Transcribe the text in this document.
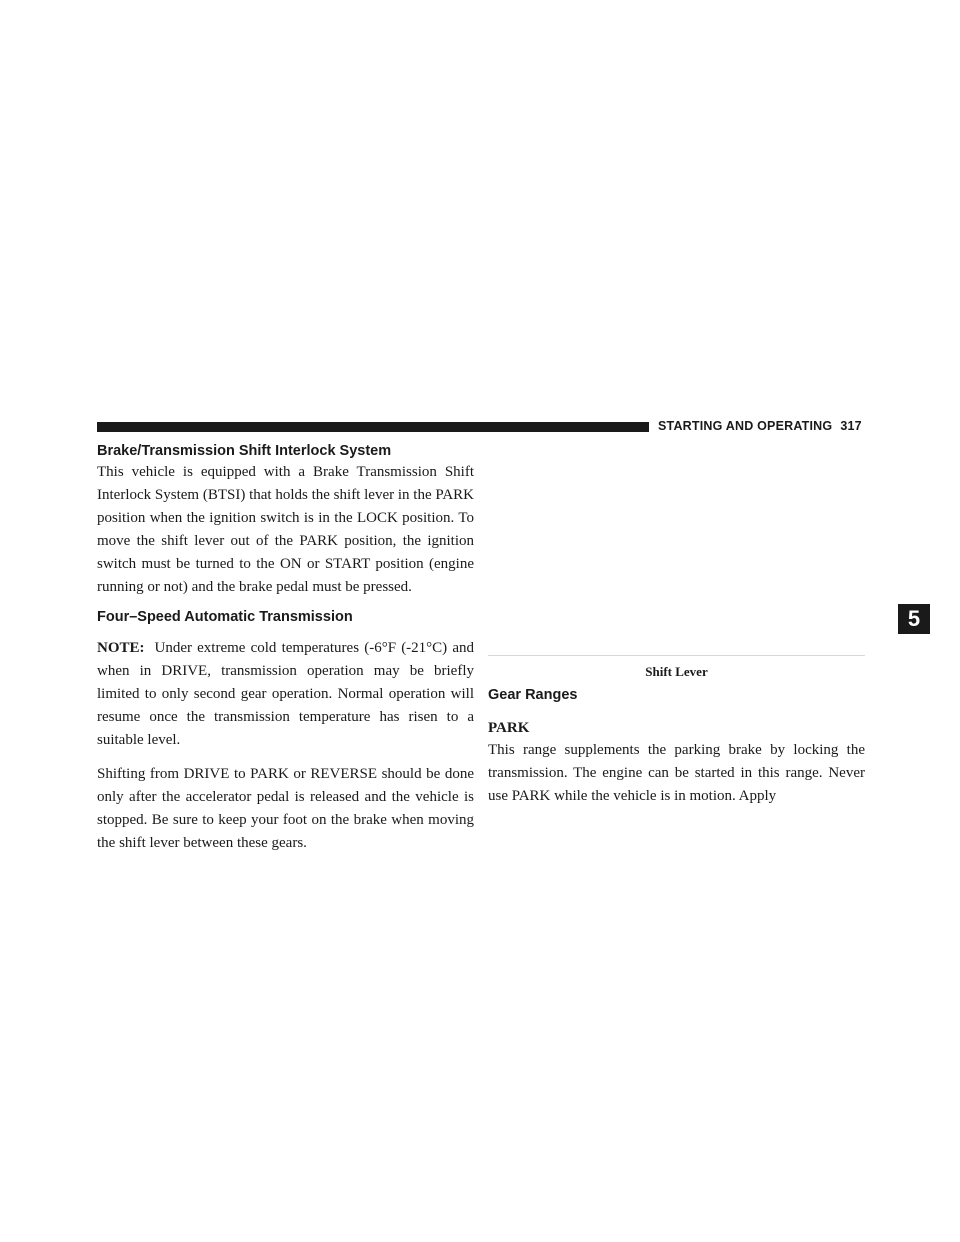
STARTING AND OPERATING 317
5
Brake/Transmission Shift Interlock System

This vehicle is equipped with a Brake Transmission Shift Interlock System (BTSI) that holds the shift lever in the PARK position when the ignition switch is in the LOCK position. To move the shift lever out of the PARK position, the ignition switch must be turned to the ON or START position (engine running or not) and the brake pedal must be pressed.

Four–Speed Automatic Transmission

NOTE: Under extreme cold temperatures (-6°F (-21°C) and when in DRIVE, transmission operation may be briefly limited to only second gear operation. Normal operation will resume once the transmission temperature has risen to a suitable level.

Shifting from DRIVE to PARK or REVERSE should be done only after the accelerator pedal is released and the vehicle is stopped. Be sure to keep your foot on the brake when moving the shift lever between these gears.

Shift Lever
Gear Ranges
PARK

This range supplements the parking brake by locking the transmission. The engine can be started in this range. Never use PARK while the vehicle is in motion. Apply
